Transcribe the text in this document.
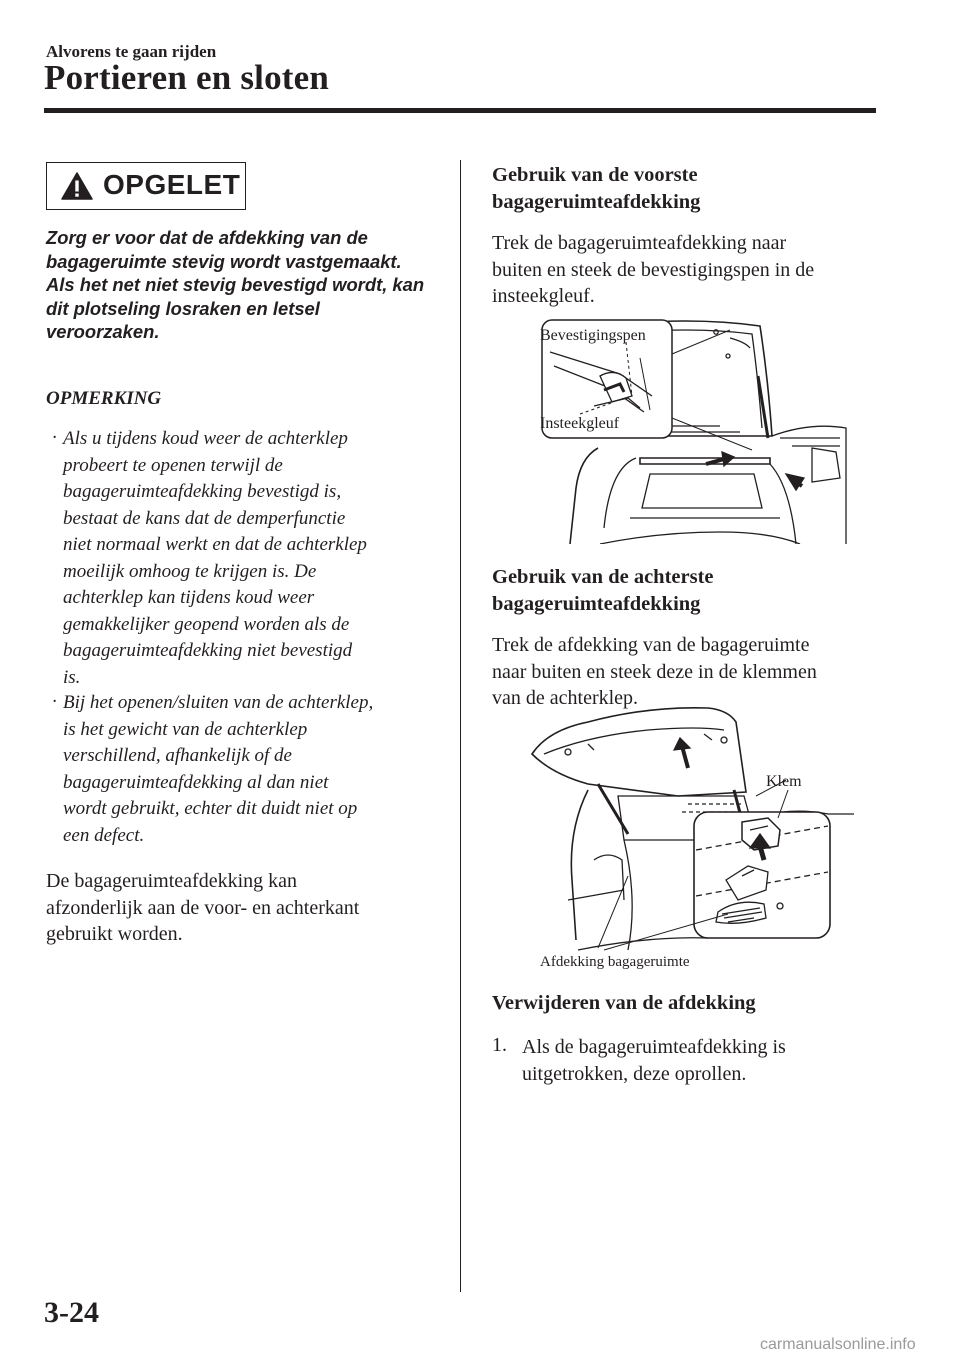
Alvorens te gaan rijden
Portieren en sloten
OPGELET
Zorg er voor dat de afdekking van de
bagageruimte stevig wordt vastgemaakt.
Als het net niet stevig bevestigd wordt, kan
dit plotseling losraken en letsel
veroorzaken.
OPMERKING
· Als u tijdens koud weer de achterklep
probeert te openen terwijl de
bagageruimteafdekking bevestigd is,
bestaat de kans dat de demperfunctie
niet normaal werkt en dat de achterklep
moeilijk omhoog te krijgen is. De
achterklep kan tijdens koud weer
gemakkelijker geopend worden als de
bagageruimteafdekking niet bevestigd
is.
· Bij het openen/sluiten van de achterklep,
is het gewicht van de achterklep
verschillend, afhankelijk of de
bagageruimteafdekking al dan niet
wordt gebruikt, echter dit duidt niet op
een defect.
De bagageruimteafdekking kan
afzonderlijk aan de voor- en achterkant
gebruikt worden.
Gebruik van de voorste
bagageruimteafdekking
Trek de bagageruimteafdekking naar
buiten en steek de bevestigingspen in de
insteekgleuf.
Bevestigingspen
Insteekgleuf
Gebruik van de achterste
bagageruimteafdekking
Trek de afdekking van de bagageruimte
naar buiten en steek deze in de klemmen
van de achterklep.
Klem
Afdekking bagageruimte
Verwijderen van de afdekking
1. Als de bagageruimteafdekking is
uitgetrokken, deze oprollen.
3-24
carmanualsonline.info
